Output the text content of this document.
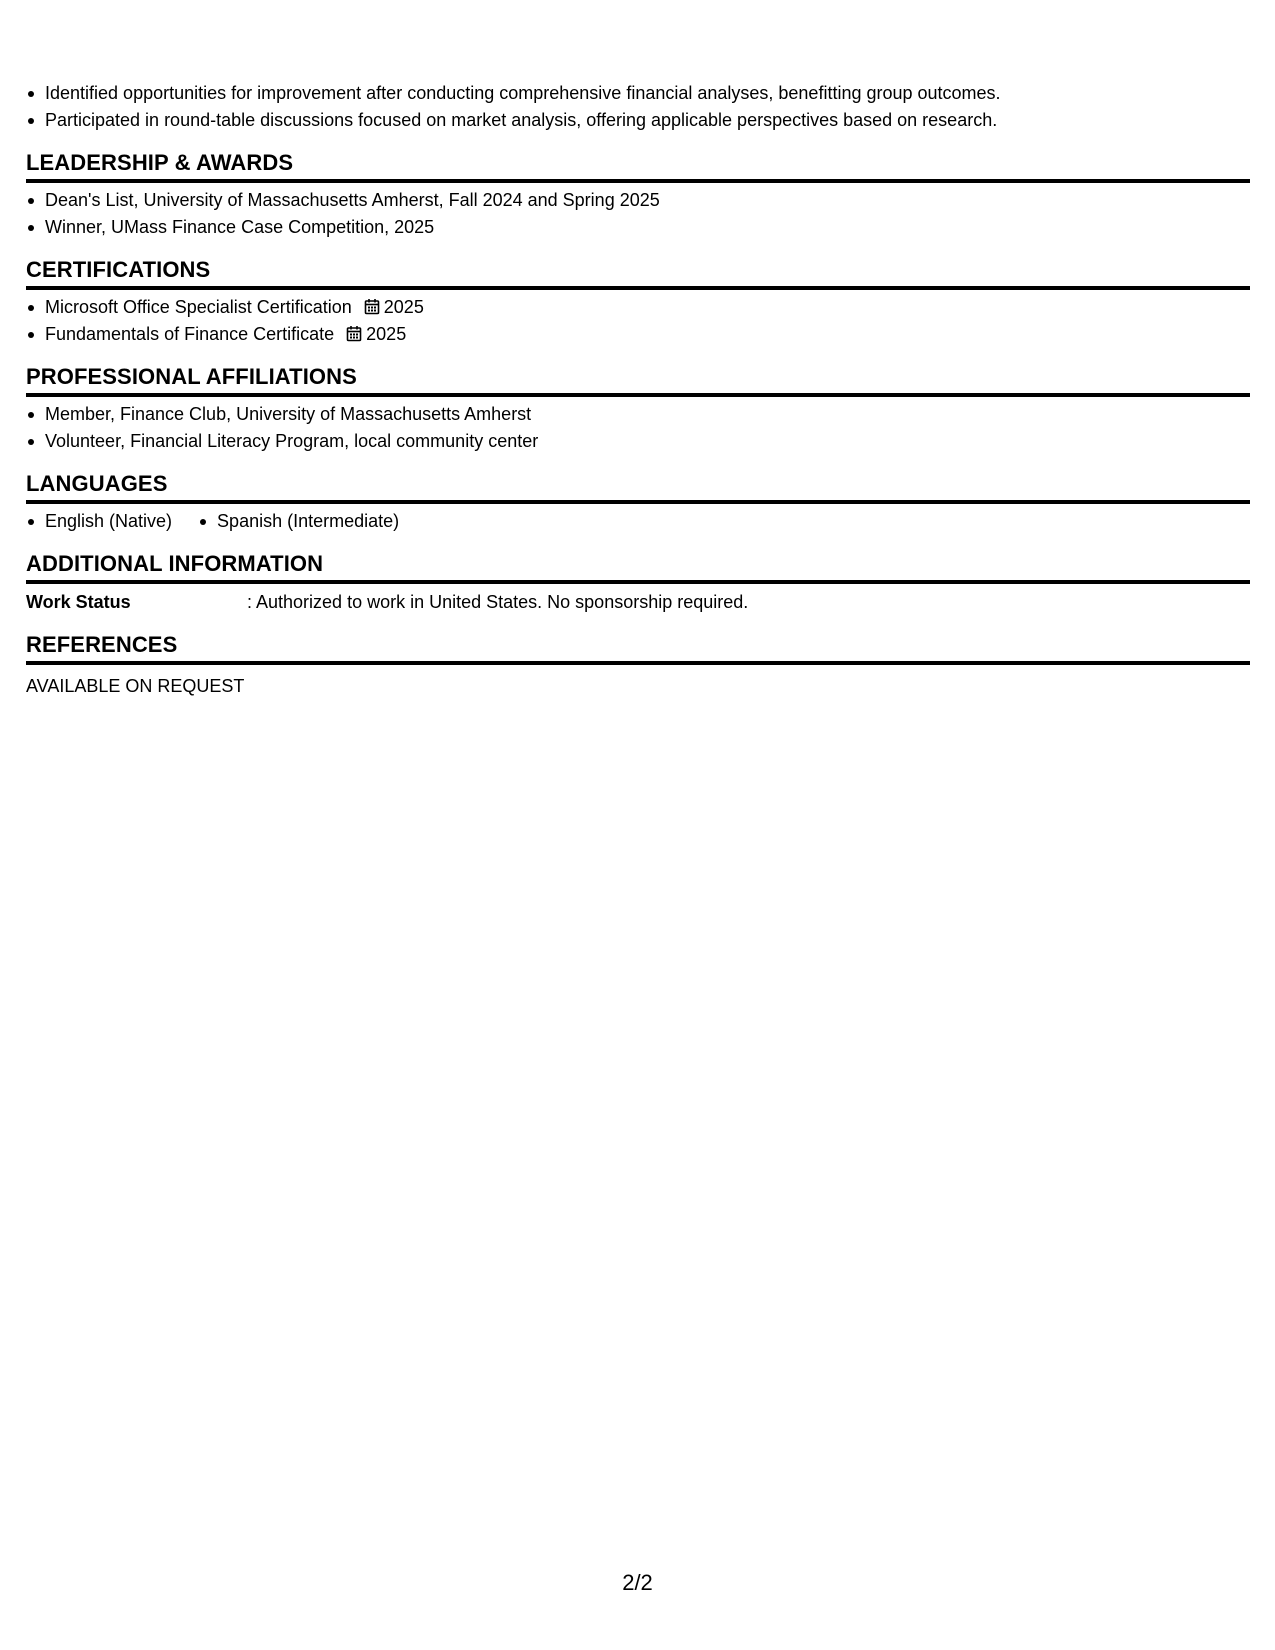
Identified opportunities for improvement after conducting comprehensive financial analyses, benefitting group outcomes.
Participated in round-table discussions focused on market analysis, offering applicable perspectives based on research.
LEADERSHIP & AWARDS
Dean's List, University of Massachusetts Amherst, Fall 2024 and Spring 2025
Winner, UMass Finance Case Competition, 2025
CERTIFICATIONS
Microsoft Office Specialist Certification 2025
Fundamentals of Finance Certificate 2025
PROFESSIONAL AFFILIATIONS
Member, Finance Club, University of Massachusetts Amherst
Volunteer, Financial Literacy Program, local community center
LANGUAGES
English (Native)	Spanish (Intermediate)
ADDITIONAL INFORMATION
Work Status	: Authorized to work in United States. No sponsorship required.
REFERENCES
AVAILABLE ON REQUEST
2/2
